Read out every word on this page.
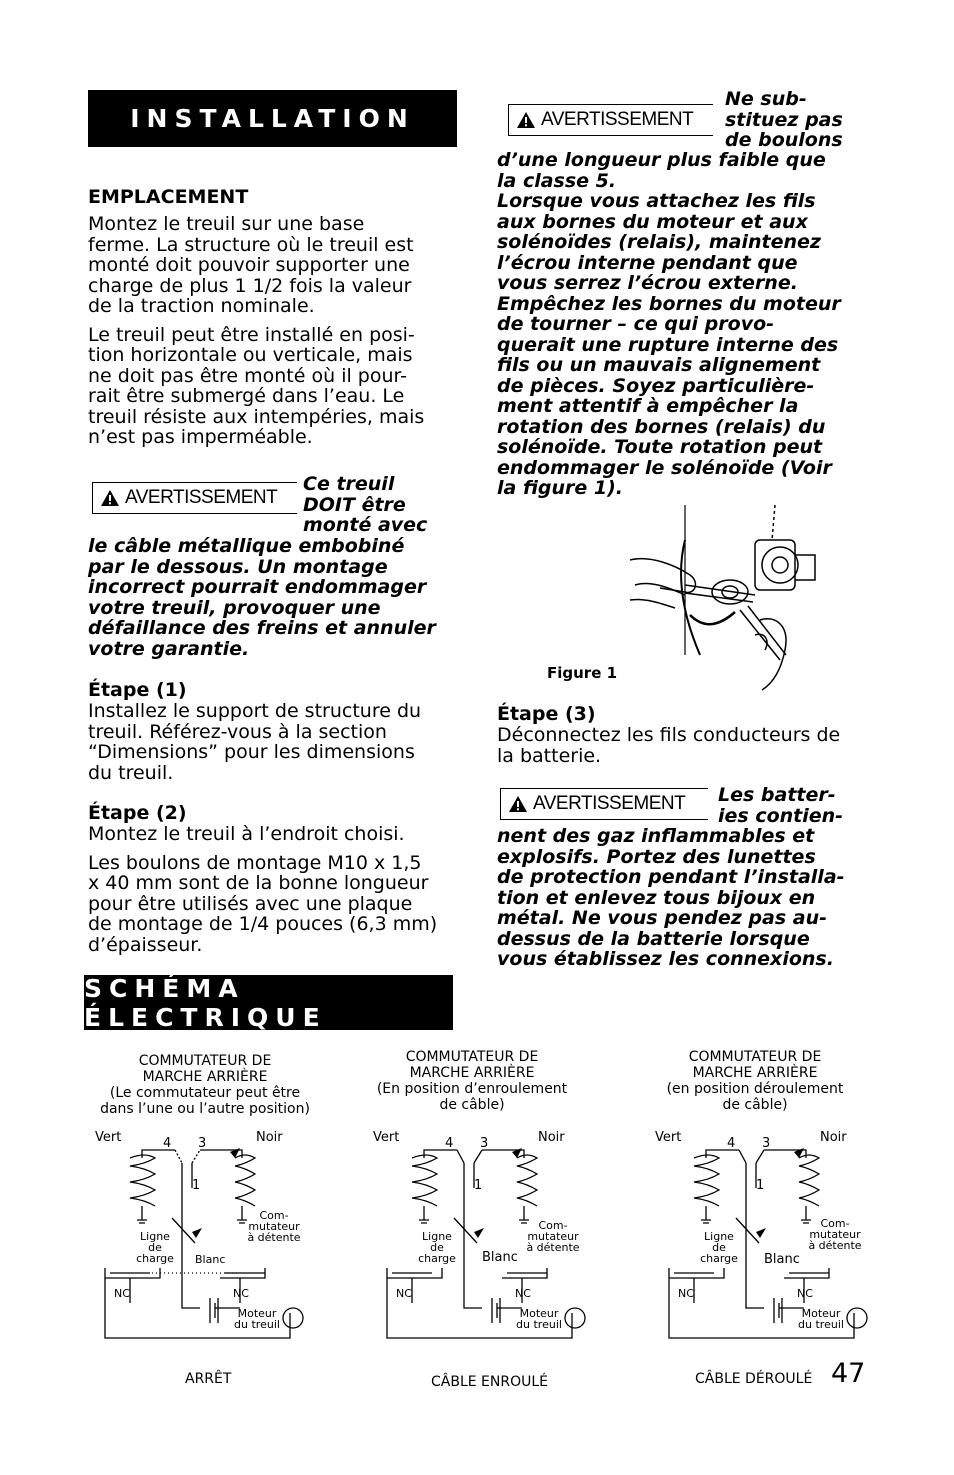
INSTALLATION

EMPLACEMENT

Montez le treuil sur une base
ferme. La structure où le treuil est
monté doit pouvoir supporter une
charge de plus 1 1/2 fois la valeur
de la traction nominale.
Le treuil peut être installé en posi-
tion horizontale ou verticale, mais
ne doit pas être monté où il pour-
rait être submergé dans l’eau. Le
treuil résiste aux intempéries, mais
n’est pas imperméable.
AVERTISSEMENT
Ce treuil
DOIT être
monté avec
le câble métallique embobiné
par le dessous. Un montage
incorrect pourrait endommager
votre treuil, provoquer une
défaillance des freins et annuler
votre garantie.

Étape (1)

Installez le support de structure du
treuil. Référez-vous à la section
“Dimensions” pour les dimensions
du treuil.

Étape (2)

Montez le treuil à l’endroit choisi.
Les boulons de montage M10 x 1,5
x 40 mm sont de la bonne longueur
pour être utilisés avec une plaque
de montage de 1/4 pouces (6,3 mm)
d’épaisseur.
AVERTISSEMENT
Ne sub-
stituez pas
de boulons
d’une longueur plus faible que
la classe 5.
Lorsque vous attachez les fils
aux bornes du moteur et aux
solénoïdes (relais), maintenez
l’écrou interne pendant que
vous serrez l’écrou externe.
Empêchez les bornes du moteur
de tourner – ce qui provo-
querait une rupture interne des
fils ou un mauvais alignement
de pièces. Soyez particulière-
ment attentif à empêcher la
rotation des bornes (relais) du
solénoïde. Toute rotation peut
endommager le solénoïde (Voir
la figure 1).
Figure 1

Étape (3)

Déconnectez les fils conducteurs de
la batterie.
AVERTISSEMENT Les batter-
ies contien-
nent des gaz inflammables et
explosifs. Portez des lunettes
de protection pendant l’installa-
tion et enlevez tous bijoux en
métal. Ne vous pendez pas au-
dessus de la batterie lorsque
vous établissez les connexions.
SCHÉMA ÉLECTRIQUE
COMMUTATEUR DE
MARCHE ARRIÈRE
(Le commutateur peut être
dans l’une ou l’autre position)
Vert	4 3	Noir
1
Ligne
de
charge	Blanc
Com-
mutateur
à détente
NC	NC
Moteur
du treuil
ARRÊT
COMMUTATEUR DE
MARCHE ARRIÈRE
(En position d’enroulement
de câble)
Vert	4 3	Noir
1
Ligne
de
charge	Blanc
Com-
mutateur
à détente
NC	NC
Moteur
du treuil
CÂBLE ENROULÉ
COMMUTATEUR DE
MARCHE ARRIÈRE
(en position déroulement
de câble)
Vert	4 3	Noir
1
Ligne
de
charge	Blanc
Com-
mutateur
à détente
NC	NC
Moteur
du treuil
CÂBLE DÉROULÉ 47
